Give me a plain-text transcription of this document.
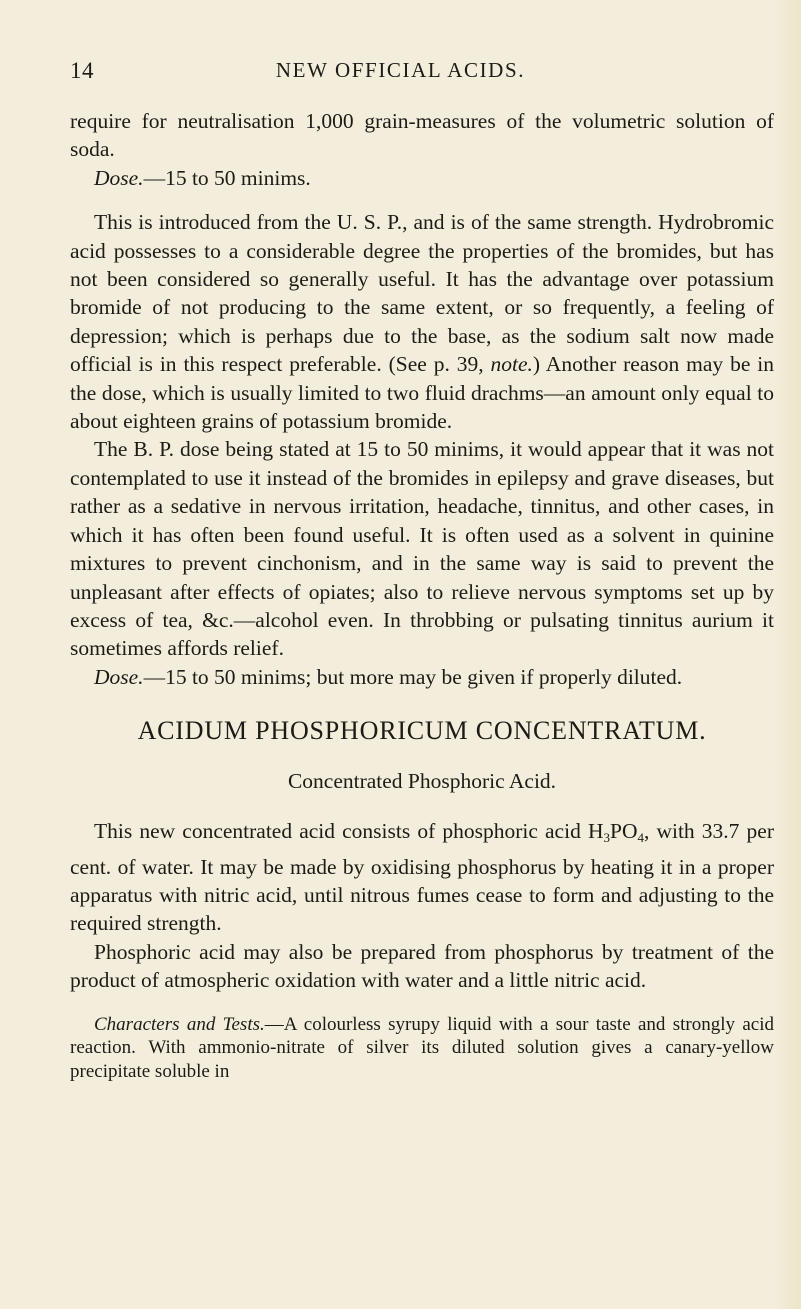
14	NEW OFFICIAL ACIDS.

require for neutralisation 1,000 grain-measures of the volumetric solution of soda.

Dose.—15 to 50 minims.

This is introduced from the U. S. P., and is of the same strength. Hydrobromic acid possesses to a considerable degree the properties of the bromides, but has not been considered so generally useful. It has the advantage over potassium bromide of not producing to the same extent, or so frequently, a feeling of depression; which is perhaps due to the base, as the sodium salt now made official is in this respect preferable. (See p. 39, note.) Another reason may be in the dose, which is usually limited to two fluid drachms—an amount only equal to about eighteen grains of potassium bromide.

The B. P. dose being stated at 15 to 50 minims, it would appear that it was not contemplated to use it instead of the bromides in epilepsy and grave diseases, but rather as a sedative in nervous irritation, headache, tinnitus, and other cases, in which it has often been found useful. It is often used as a solvent in quinine mixtures to prevent cinchonism, and in the same way is said to prevent the unpleasant after effects of opiates; also to relieve nervous symptoms set up by excess of tea, &c.—alcohol even. In throbbing or pulsating tinnitus aurium it sometimes affords relief.

Dose.—15 to 50 minims; but more may be given if properly diluted.

ACIDUM PHOSPHORICUM CONCENTRATUM.
Concentrated Phosphoric Acid.

This new concentrated acid consists of phosphoric acid $H_3PO_4$, with 33.7 per cent. of water. It may be made by oxidising phosphorus by heating it in a proper apparatus with nitric acid, until nitrous fumes cease to form and adjusting to the required strength.

Phosphoric acid may also be prepared from phosphorus by treatment of the product of atmospheric oxidation with water and a little nitric acid.

Characters and Tests.—A colourless syrupy liquid with a sour taste and strongly acid reaction. With ammonio-nitrate of silver its diluted solution gives a canary-yellow precipitate soluble in
